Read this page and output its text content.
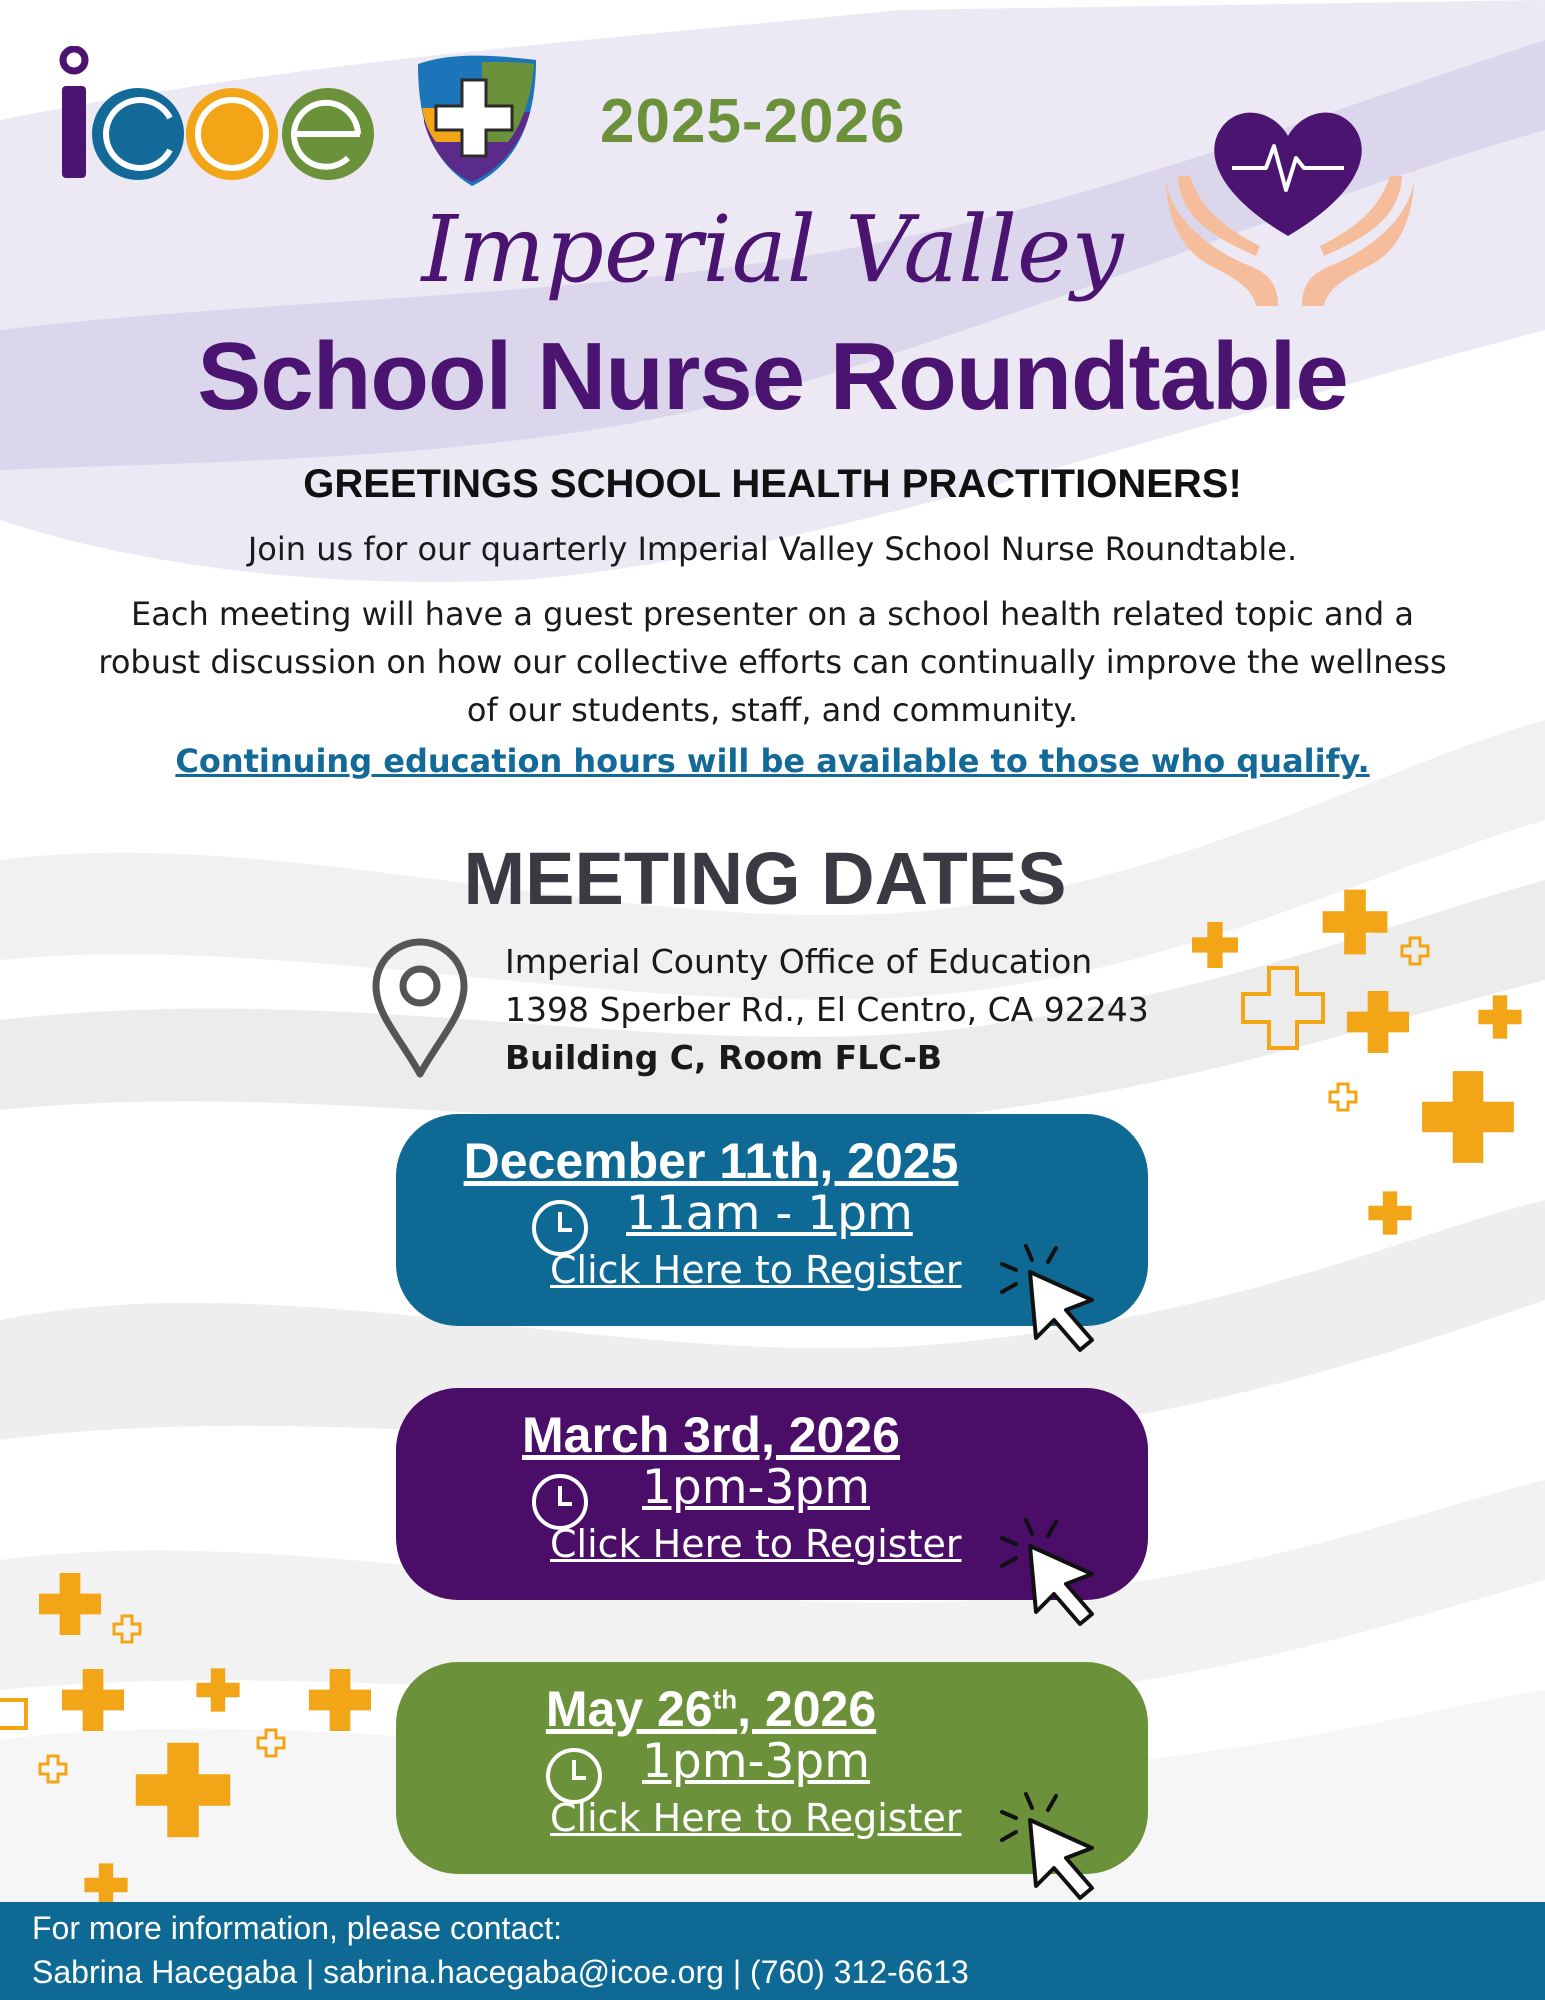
2025-2026
Imperial Valley
School Nurse Roundtable
GREETINGS SCHOOL HEALTH PRACTITIONERS!
Join us for our quarterly Imperial Valley School Nurse Roundtable.
Each meeting will have a guest presenter on a school health related topic and a robust discussion on how our collective efforts can continually improve the wellness of our students, staff, and community.
Continuing education hours will be available to those who qualify.
MEETING DATES
Imperial County Office of Education
1398 Sperber Rd., El Centro, CA 92243
Building C, Room FLC-B
December 11th, 2025
11am - 1pm
Click Here to Register
March 3rd, 2026
1pm-3pm
Click Here to Register
May 26th, 2026
1pm-3pm
Click Here to Register
For more information, please contact:
Sabrina Hacegaba | sabrina.hacegaba@icoe.org | (760) 312-6613
